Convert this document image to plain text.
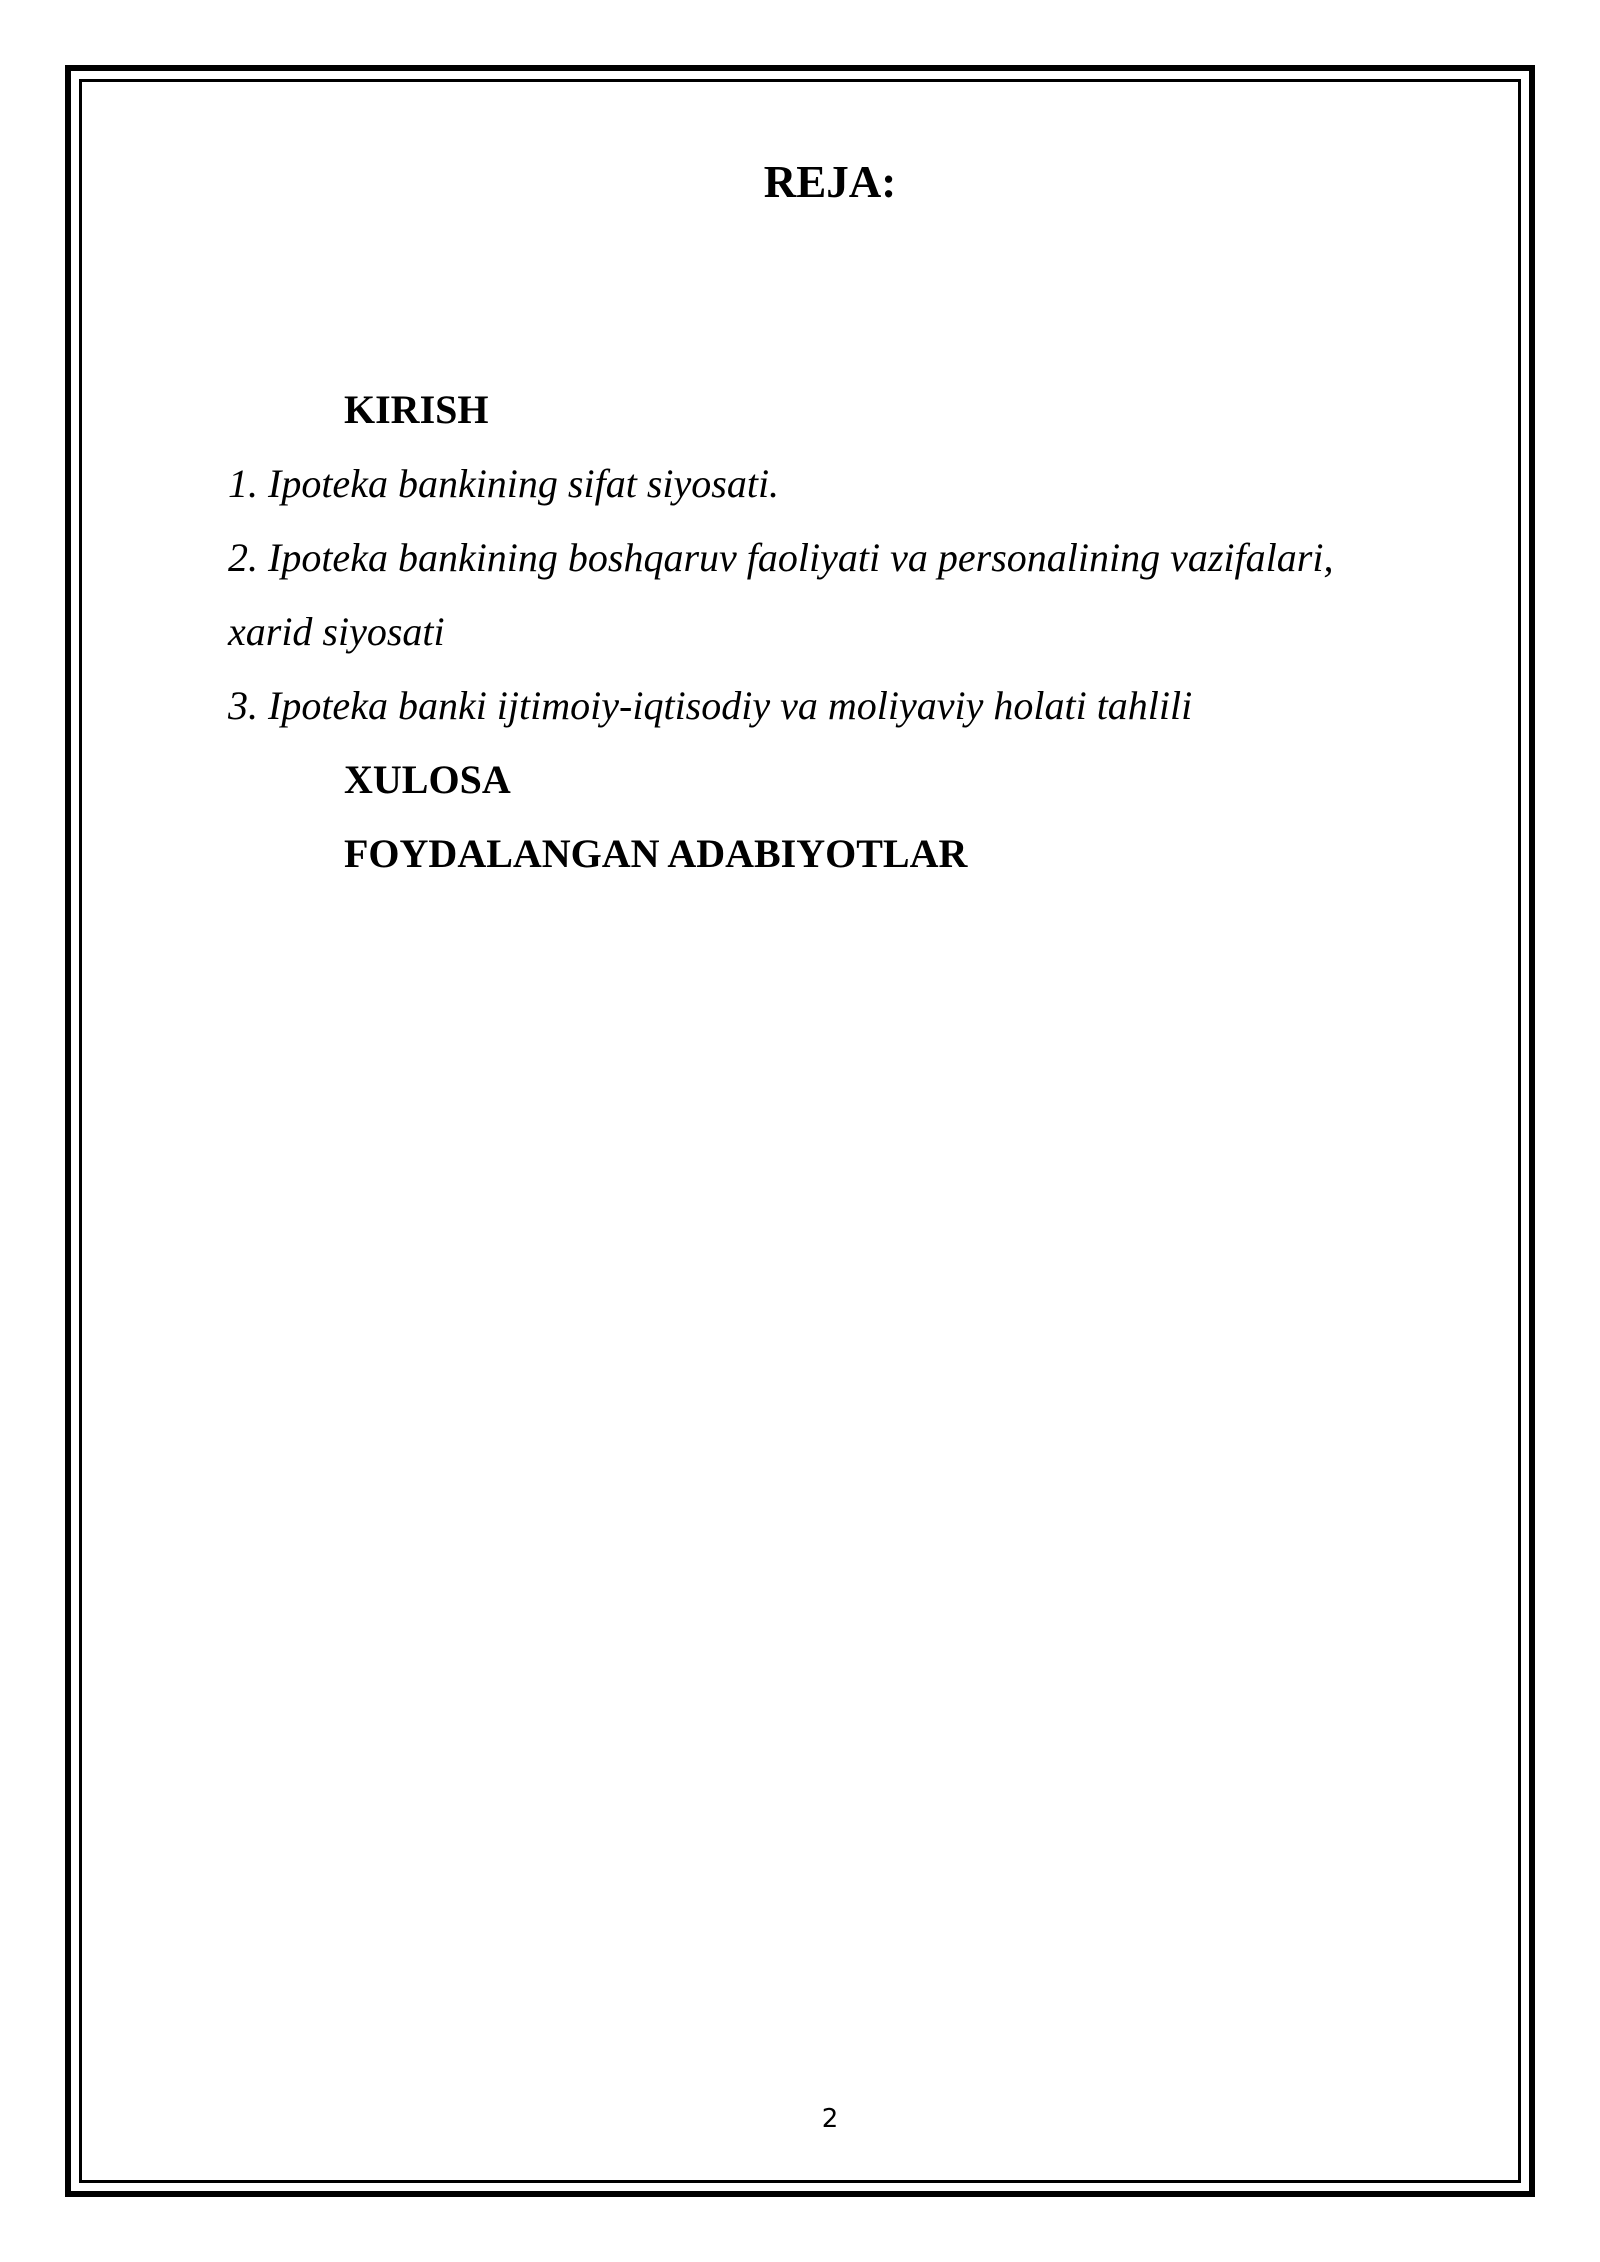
REJA:
KIRISH
1. Ipoteka bankining sifat siyosati.
2. Ipoteka bankining boshqaruv faoliyati va personalining vazifalari,
xarid siyosati
3. Ipoteka banki ijtimoiy-iqtisodiy va moliyaviy holati tahlili
XULOSA
FOYDALANGAN ADABIYOTLAR
2
